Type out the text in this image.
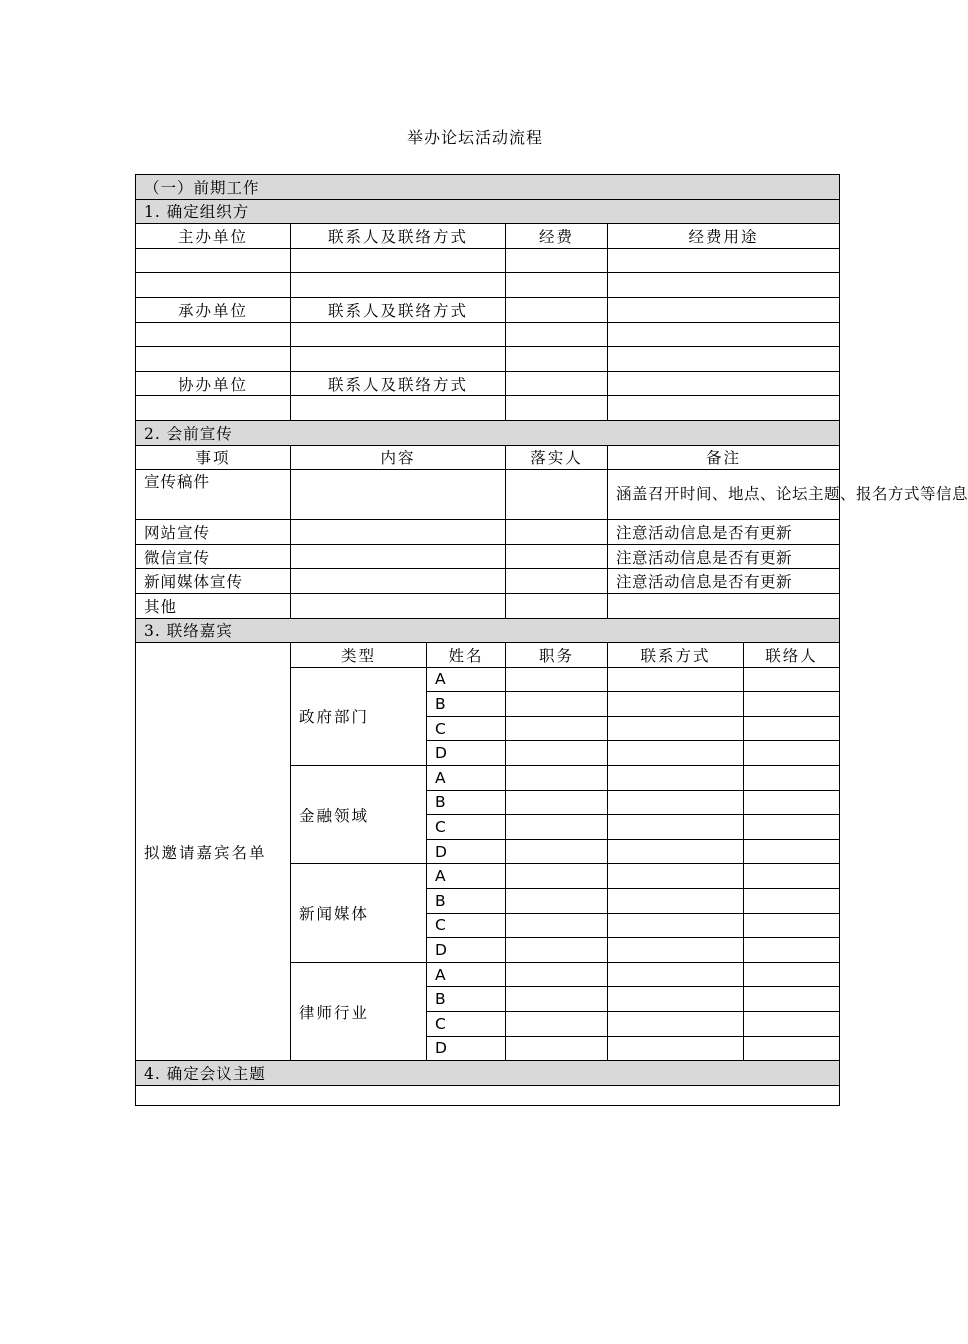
举办论坛活动流程
（一）前期工作					
1. 确定组织方					
主办单位	联系人及联络方式		经费	经费用途	

承办单位	联系人及联络方式				

协办单位	联系人及联络方式				

2. 会前宣传					
事项	内容		落实人	备注	
宣传稿件				涵盖召开时间、地点、论坛主题、报名方式等信息	
网站宣传				注意活动信息是否有更新	
微信宣传				注意活动信息是否有更新	
新闻媒体宣传				注意活动信息是否有更新	
其他					
3. 联络嘉宾					
拟邀请嘉宾名单	类型	姓名	职务	联系方式	联络人
	政府部门	A			
		B			
		C			
		D			
	金融领域	A			
		B			
		C			
		D			
	新闻媒体	A			
		B			
		C			
		D			
	律师行业	A			
		B			
		C			
		D			
4. 确定会议主题					
